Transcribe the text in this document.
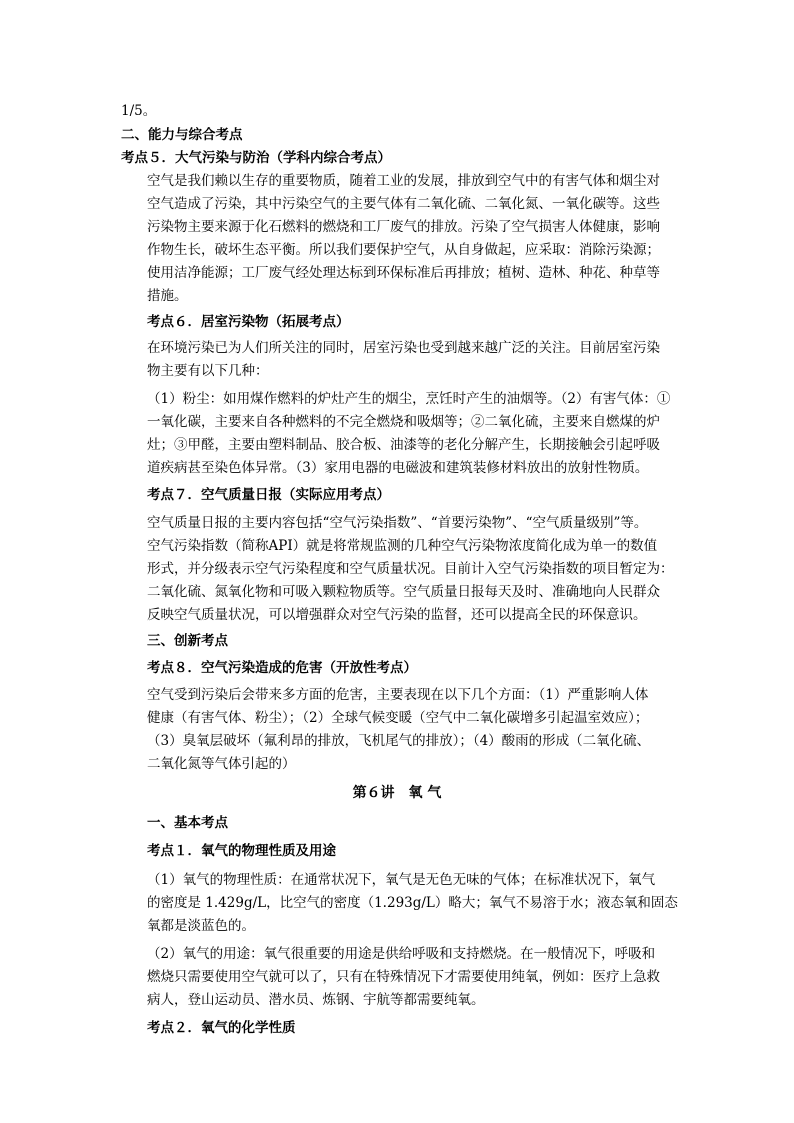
1/5。

二、能力与综合考点

考点５．大气污染与防治（学科内综合考点）

空气是我们赖以生存的重要物质，随着工业的发展，排放到空气中的有害气体和烟尘对

空气造成了污染，其中污染空气的主要气体有二氧化硫、二氧化氮、一氧化碳等。这些

污染物主要来源于化石燃料的燃烧和工厂废气的排放。污染了空气损害人体健康，影响

作物生长，破坏生态平衡。所以我们要保护空气，从自身做起，应采取：消除污染源；

使用洁净能源；工厂废气经处理达标到环保标准后再排放；植树、造林、种花、种草等

措施。

考点６．居室污染物（拓展考点）

在环境污染已为人们所关注的同时，居室污染也受到越来越广泛的关注。目前居室污染

物主要有以下几种：

（1）粉尘：如用煤作燃料的炉灶产生的烟尘，烹饪时产生的油烟等。（2）有害气体：①

一氧化碳，主要来自各种燃料的不完全燃烧和吸烟等；②二氧化硫，主要来自燃煤的炉

灶；③甲醛，主要由塑料制品、胶合板、油漆等的老化分解产生，长期接触会引起呼吸

道疾病甚至染色体异常。（3）家用电器的电磁波和建筑装修材料放出的放射性物质。

考点７．空气质量日报（实际应用考点）

空气质量日报的主要内容包括“空气污染指数”、“首要污染物”、“空气质量级别”等。

空气污染指数（简称API）就是将常规监测的几种空气污染物浓度简化成为单一的数值

形式，并分级表示空气污染程度和空气质量状况。目前计入空气污染指数的项目暂定为：

二氧化硫、氮氧化物和可吸入颗粒物质等。空气质量日报每天及时、准确地向人民群众

反映空气质量状况，可以增强群众对空气污染的监督，还可以提高全民的环保意识。

三、创新考点

考点８．空气污染造成的危害（开放性考点）

空气受到污染后会带来多方面的危害，主要表现在以下几个方面：（1）严重影响人体

健康（有害气体、粉尘）；（2）全球气候变暖（空气中二氧化碳增多引起温室效应）；

（3）臭氧层破坏（氟利昂的排放，飞机尾气的排放）；（4）酸雨的形成（二氧化硫、

二氧化氮等气体引起的）

第６讲　氧 气

一、基本考点

考点１．氧气的物理性质及用途

（1）氧气的物理性质：在通常状况下，氧气是无色无味的气体；在标准状况下，氧气

的密度是 1.429g/L，比空气的密度（1.293g/L）略大；氧气不易溶于水；液态氧和固态

氧都是淡蓝色的。

（2）氧气的用途：氧气很重要的用途是供给呼吸和支持燃烧。在一般情况下，呼吸和

燃烧只需要使用空气就可以了，只有在特殊情况下才需要使用纯氧，例如：医疗上急救

病人，登山运动员、潜水员、炼钢、宇航等都需要纯氧。

考点２．氧气的化学性质
